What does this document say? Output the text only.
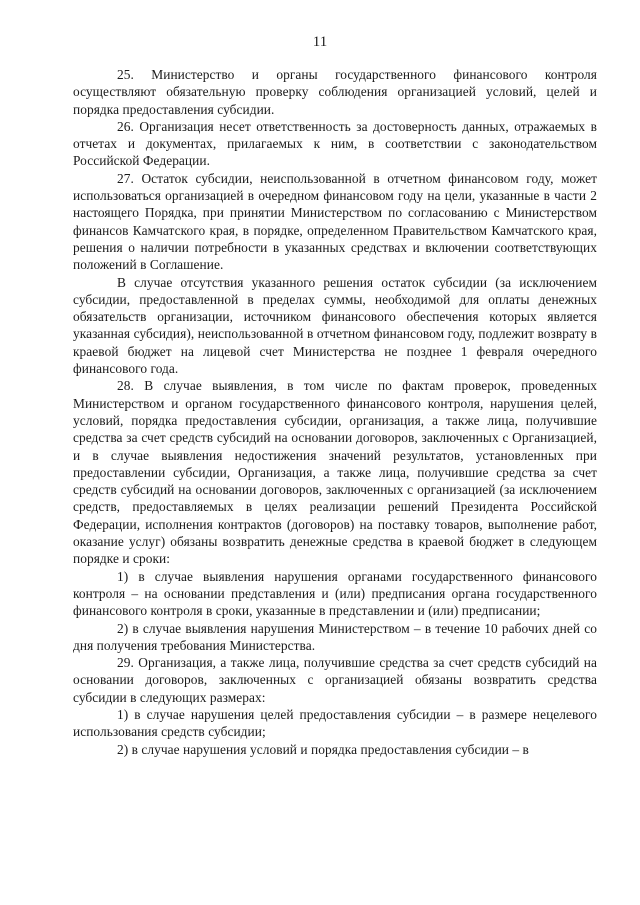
11

25. Министерство и органы государственного финансового контроля осуществляют обязательную проверку соблюдения организацией условий, целей и порядка предоставления субсидии.

26. Организация несет ответственность за достоверность данных, отражаемых в отчетах и документах, прилагаемых к ним, в соответствии с законодательством Российской Федерации.

27. Остаток субсидии, неиспользованной в отчетном финансовом году, может использоваться организацией в очередном финансовом году на цели, указанные в части 2 настоящего Порядка, при принятии Министерством по согласованию с Министерством финансов Камчатского края, в порядке, определенном Правительством Камчатского края, решения о наличии потребности в указанных средствах и включении соответствующих положений в Соглашение.

В случае отсутствия указанного решения остаток субсидии (за исключением субсидии, предоставленной в пределах суммы, необходимой для оплаты денежных обязательств организации, источником финансового обеспечения которых является указанная субсидия), неиспользованной в отчетном финансовом году, подлежит возврату в краевой бюджет на лицевой счет Министерства не позднее 1 февраля очередного финансового года.

28. В случае выявления, в том числе по фактам проверок, проведенных Министерством и органом государственного финансового контроля, нарушения целей, условий, порядка предоставления субсидии, организация, а также лица, получившие средства за счет средств субсидий на основании договоров, заключенных с Организацией, и в случае выявления недостижения значений результатов, установленных при предоставлении субсидии, Организация, а также лица, получившие средства за счет средств субсидий на основании договоров, заключенных с организацией (за исключением средств, предоставляемых в целях реализации решений Президента Российской Федерации, исполнения контрактов (договоров) на поставку товаров, выполнение работ, оказание услуг) обязаны возвратить денежные средства в краевой бюджет в следующем порядке и сроки:

1) в случае выявления нарушения органами государственного финансового контроля – на основании представления и (или) предписания органа государственного финансового контроля в сроки, указанные в представлении и (или) предписании;

2) в случае выявления нарушения Министерством – в течение 10 рабочих дней со дня получения требования Министерства.

29. Организация, а также лица, получившие средства за счет средств субсидий на основании договоров, заключенных с организацией обязаны возвратить средства субсидии в следующих размерах:

1) в случае нарушения целей предоставления субсидии – в размере нецелевого использования средств субсидии;

2) в случае нарушения условий и порядка предоставления субсидии – в
